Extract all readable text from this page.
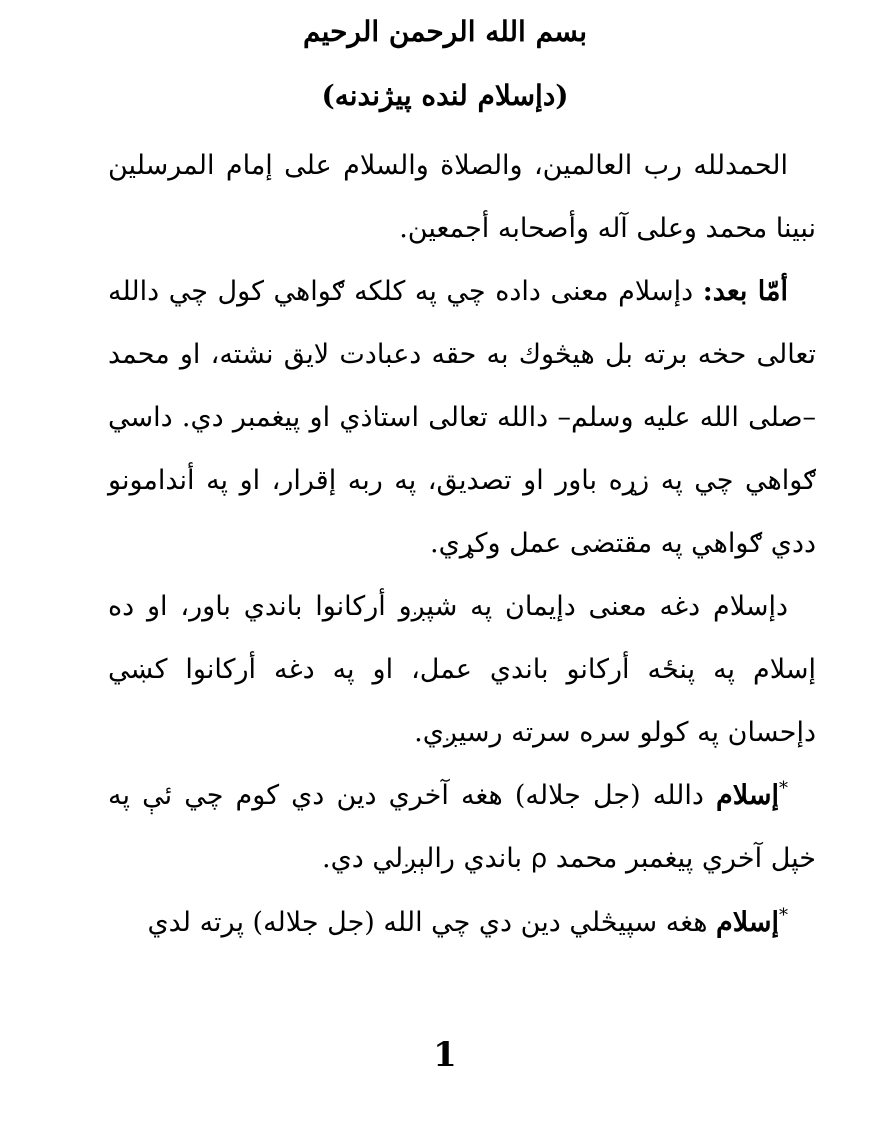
بسم الله الرحمن الرحيم
(دإسلام لنده پيژندنه)

الحمدلله رب العالمين، والصلاة والسلام على إمام المرسلين نبينا محمد وعلى آله وأصحابه أجمعين.

أمّا بعد: دإسلام معنى داده چي په کلکه ګواهي کول چي دالله تعالى حخه برته بل هيڅوك به حقه دعبادت لايق نشته، او محمد –صلى الله عليه وسلم– دالله تعالى استاذي او پيغمبر دي. داسي ګواهي چي په زړه باور او تصديق، په ربه إقرار، او په أندامونو ددي ګواهي په مقتضى عمل وکړي.

دإسلام دغه معنى دإيمان په شپږو أرکانوا باندي باور، او ده إسلام په پنځه أرکانو باندي عمل، او په دغه أرکانوا کښي دإحسان په کولو سره سرته رسيږي.

*إسلام دالله (جل جلاله) هغه آخري دين دي کوم چي ئې په خپل آخري پيغمبر محمد ρ باندي رالېږلي دي.

*إسلام هغه سپيڅلي دين دي چي الله (جل جلاله) پرته لدي

1
